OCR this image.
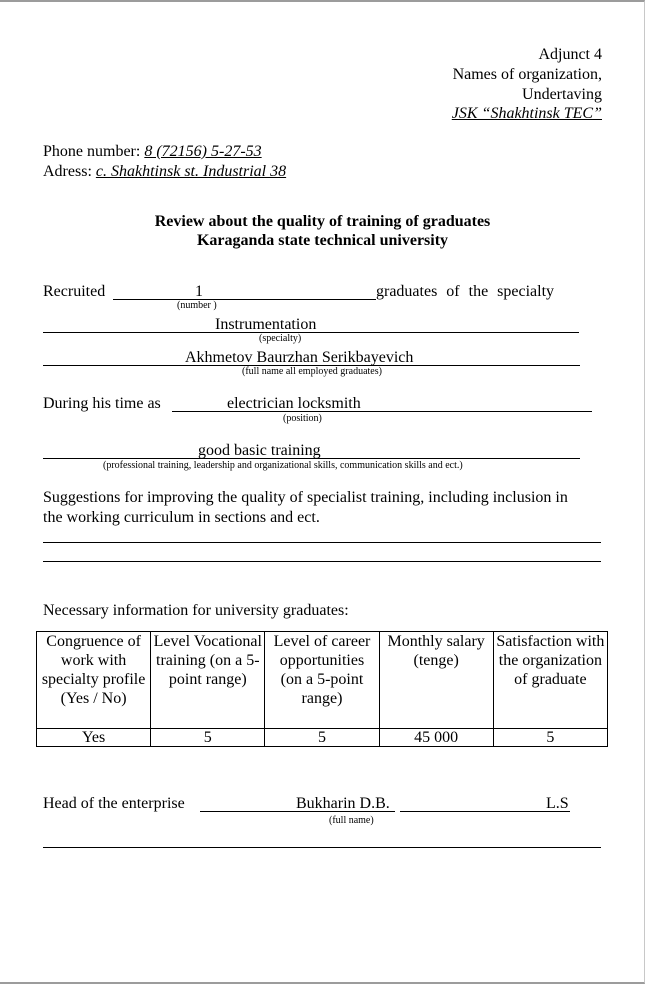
Adjunct 4
Names of organization,
Undertaving
JSK “Shakhtinsk TEC”
Phone number: 8 (72156) 5-27-53
Adress: c. Shakhtinsk st. Industrial 38
Review about the quality of training of graduates
Karaganda state technical university
Recruited	1	graduates of the specialty
(number )
Instrumentation
(specialty)
Akhmetov Baurzhan Serikbayevich
(full name all employed graduates)
During his time as	electrician locksmith
(position)
good basic training
(professional training, leadership and organizational skills, communication skills and ect.)
Suggestions for improving the quality of specialist training, including inclusion in
the working curriculum in sections and ect.
Necessary information for university graduates:
Congruence of work with specialty profile (Yes / No)	Level Vocational training (on a 5-point range)	Level of career opportunities (on a 5-point range)	Monthly salary (tenge)	Satisfaction with the organization of graduate
Yes	5	5	45 000	5
Head of the enterprise	Bukharin D.B.	L.S
(full name)
